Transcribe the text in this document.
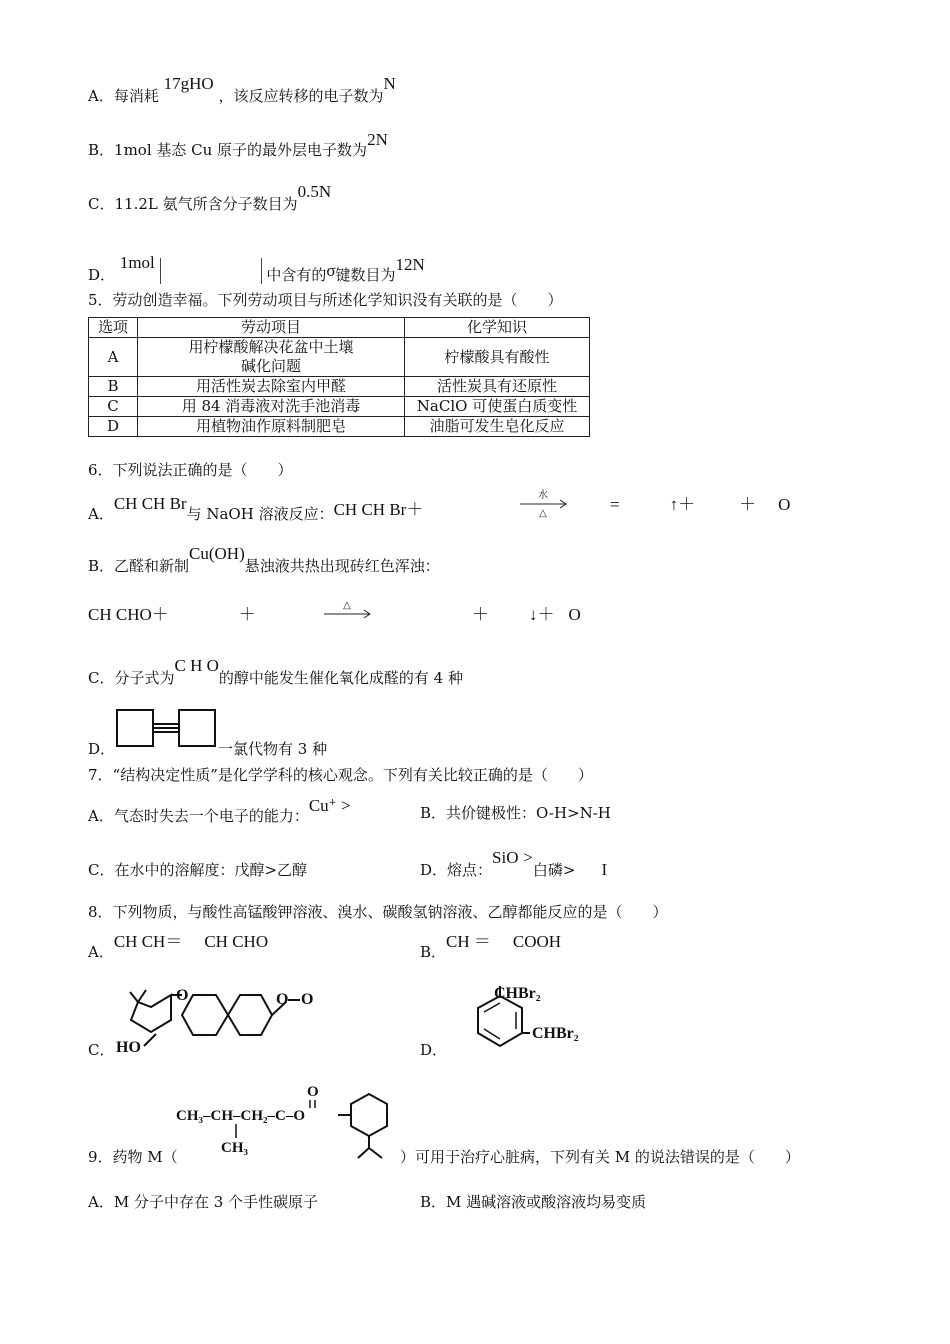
A．每消耗 17gHO ，该反应转移的电子数为N
B．1mol 基态 Cu 原子的最外层电子数为2N
C．11.2L 氨气所含分子数目为0.5N
D． 1mol  中含有的σ键数目为12N
5．劳动创造幸福。下列劳动项目与所述化学知识没有关联的是（　　）
选项	劳动项目	化学知识
A	用柠檬酸解决花盆中土壤碱化问题	柠檬酸具有酸性
B	用活性炭去除室内甲醛	活性炭具有还原性
C	用 84 消毒液对洗手池消毒	NaClO 可使蛋白质变性
D	用植物油作原料制肥皂	油脂可发生皂化反应
6．下列说法正确的是（　　）
A．CH CH Br与 NaOH 溶液反应：CH CH Br＋
水
△	=	↑＋	＋ O
B．乙醛和新制Cu(OH)悬浊液共热出现砖红色浑浊：
CH CHO＋	＋	△	＋ ↓＋ O
C．分子式为C H O的醇中能发生催化氧化成醛的有 4 种
D．	一氯代物有 3 种
7．“结构决定性质”是化学学科的核心观念。下列有关比较正确的是（　　）
A．气态时失去一个电子的能力：Cu+ >	B．共价键极性：O-H>N-H
C．在水中的溶解度：戊醇>乙醇	D．熔点：SiO >白磷> I
8．下列物质，与酸性高锰酸钾溶液、溴水、碳酸氢钠溶液、乙醇都能反应的是（　　）
A．CH CH＝ CH CHO
B．CH ＝ COOH
C．
O	O O
HO	D．
CHBr₂
CHBr₂
CH₃–CH–CH₂–C–O
CH₃
O
9．药物 M（	）可用于治疗心脏病，下列有关 M 的说法错误的是（　　）
A．M 分子中存在 3 个手性碳原子	B．M 遇碱溶液或酸溶液均易变质
